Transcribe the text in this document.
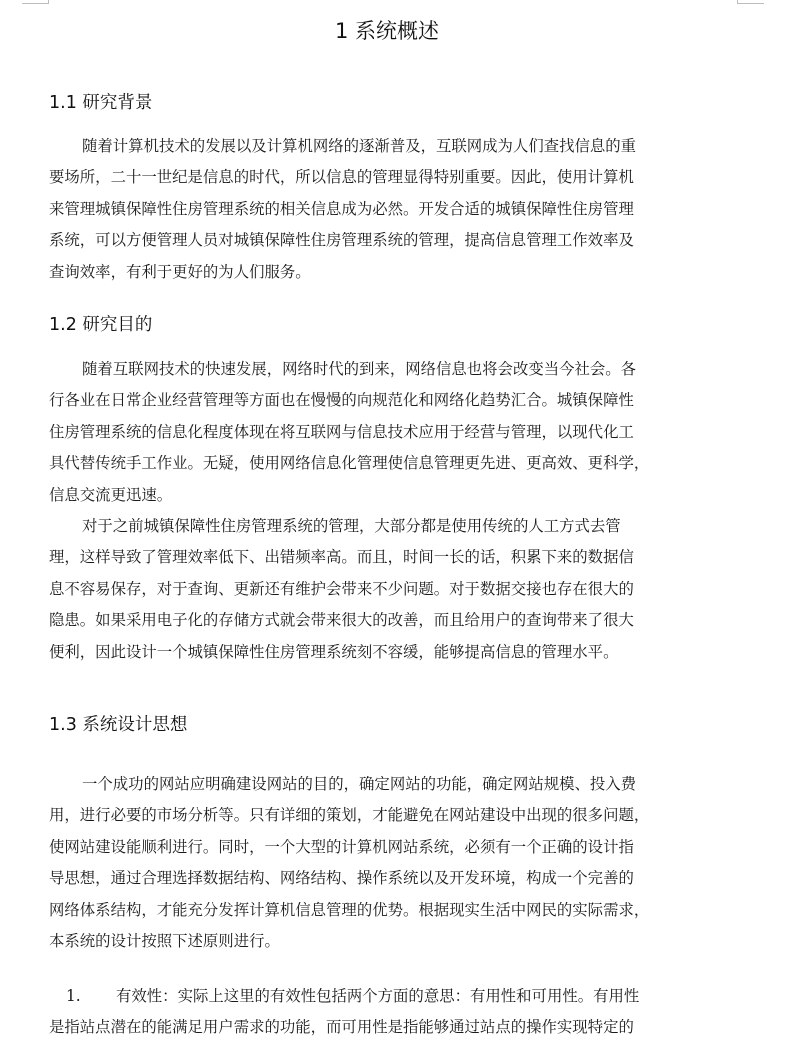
1 系统概述
1.1 研究背景
随着计算机技术的发展以及计算机网络的逐渐普及，互联网成为人们查找信息的重
要场所，二十一世纪是信息的时代，所以信息的管理显得特别重要。因此，使用计算机
来管理城镇保障性住房管理系统的相关信息成为必然。开发合适的城镇保障性住房管理
系统，可以方便管理人员对城镇保障性住房管理系统的管理，提高信息管理工作效率及
查询效率，有利于更好的为人们服务。
1.2 研究目的
随着互联网技术的快速发展，网络时代的到来，网络信息也将会改变当今社会。各
行各业在日常企业经营管理等方面也在慢慢的向规范化和网络化趋势汇合。城镇保障性
住房管理系统的信息化程度体现在将互联网与信息技术应用于经营与管理，以现代化工
具代替传统手工作业。无疑，使用网络信息化管理使信息管理更先进、更高效、更科学，
信息交流更迅速。
对于之前城镇保障性住房管理系统的管理，大部分都是使用传统的人工方式去管
理，这样导致了管理效率低下、出错频率高。而且，时间一长的话，积累下来的数据信
息不容易保存，对于查询、更新还有维护会带来不少问题。对于数据交接也存在很大的
隐患。如果采用电子化的存储方式就会带来很大的改善，而且给用户的查询带来了很大
便利，因此设计一个城镇保障性住房管理系统刻不容缓，能够提高信息的管理水平。
1.3 系统设计思想
一个成功的网站应明确建设网站的目的，确定网站的功能，确定网站规模、投入费
用，进行必要的市场分析等。只有详细的策划，才能避免在网站建设中出现的很多问题，
使网站建设能顺利进行。同时，一个大型的计算机网站系统，必须有一个正确的设计指
导思想，通过合理选择数据结构、网络结构、操作系统以及开发环境，构成一个完善的
网络体系结构，才能充分发挥计算机信息管理的优势。根据现实生活中网民的实际需求，
本系统的设计按照下述原则进行。
1. 有效性：实际上这里的有效性包括两个方面的意思：有用性和可用性。有用性
是指站点潜在的能满足用户需求的功能，而可用性是指能够通过站点的操作实现特定的
